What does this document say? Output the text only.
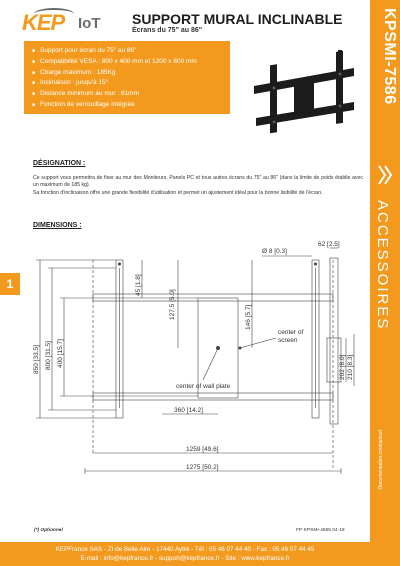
KEP IoT SUPPORT MURAL INCLINABLE
Écrans du 75" au 86"	KPSMI-7586
ACCESSOIRES
Documentation contractuel
■ Support pour écran du 75" au 86"
■ Compatibilité VESA : 800 x 400 mm et 1200 x 800 mm
■ Charge maximum : 185Kg
■ Inclinaison : jusqu'à 15°
■ Distance minimum au mur : 61mm
■ Fonction de verrouillage intégrée
1
DÉSIGNATION :

Ce support vous permettra de fixer au mur des Moniteurs, Panels PC et tous autres écrans du 75" au 86" (dans la limite de poids établie avec un maximum de 185 kg).

Sa fonction d'inclinaison offre une grande flexibilité d'utilisation et permet un ajustement idéal pour la bonne lisibilité de l'écran.

DIMENSIONS :
Ø 8 [0.3]
62 [2.5]
45 [1.8]
127.5 [5.0]	146 [5.7]
center of
screen
center of wall plate
850 [33.5] 800 [31.5] 400 [15.7]	202 [8.0] 210 [8.3]
360 [14.2]
1259 [49.6]
1275 [50.2]
(*) Optionnel	FP-KPSMI-4655 04-19
KEPFrance SAS - ZI de Belle Aire - 17440 Aytré - Tél : 05 46 07 44 40 - Fax : 05 46 07 44 45
E-mail : info@kepfrance.fr - support@kepfrance.fr - Site : www.kepfrance.fr
